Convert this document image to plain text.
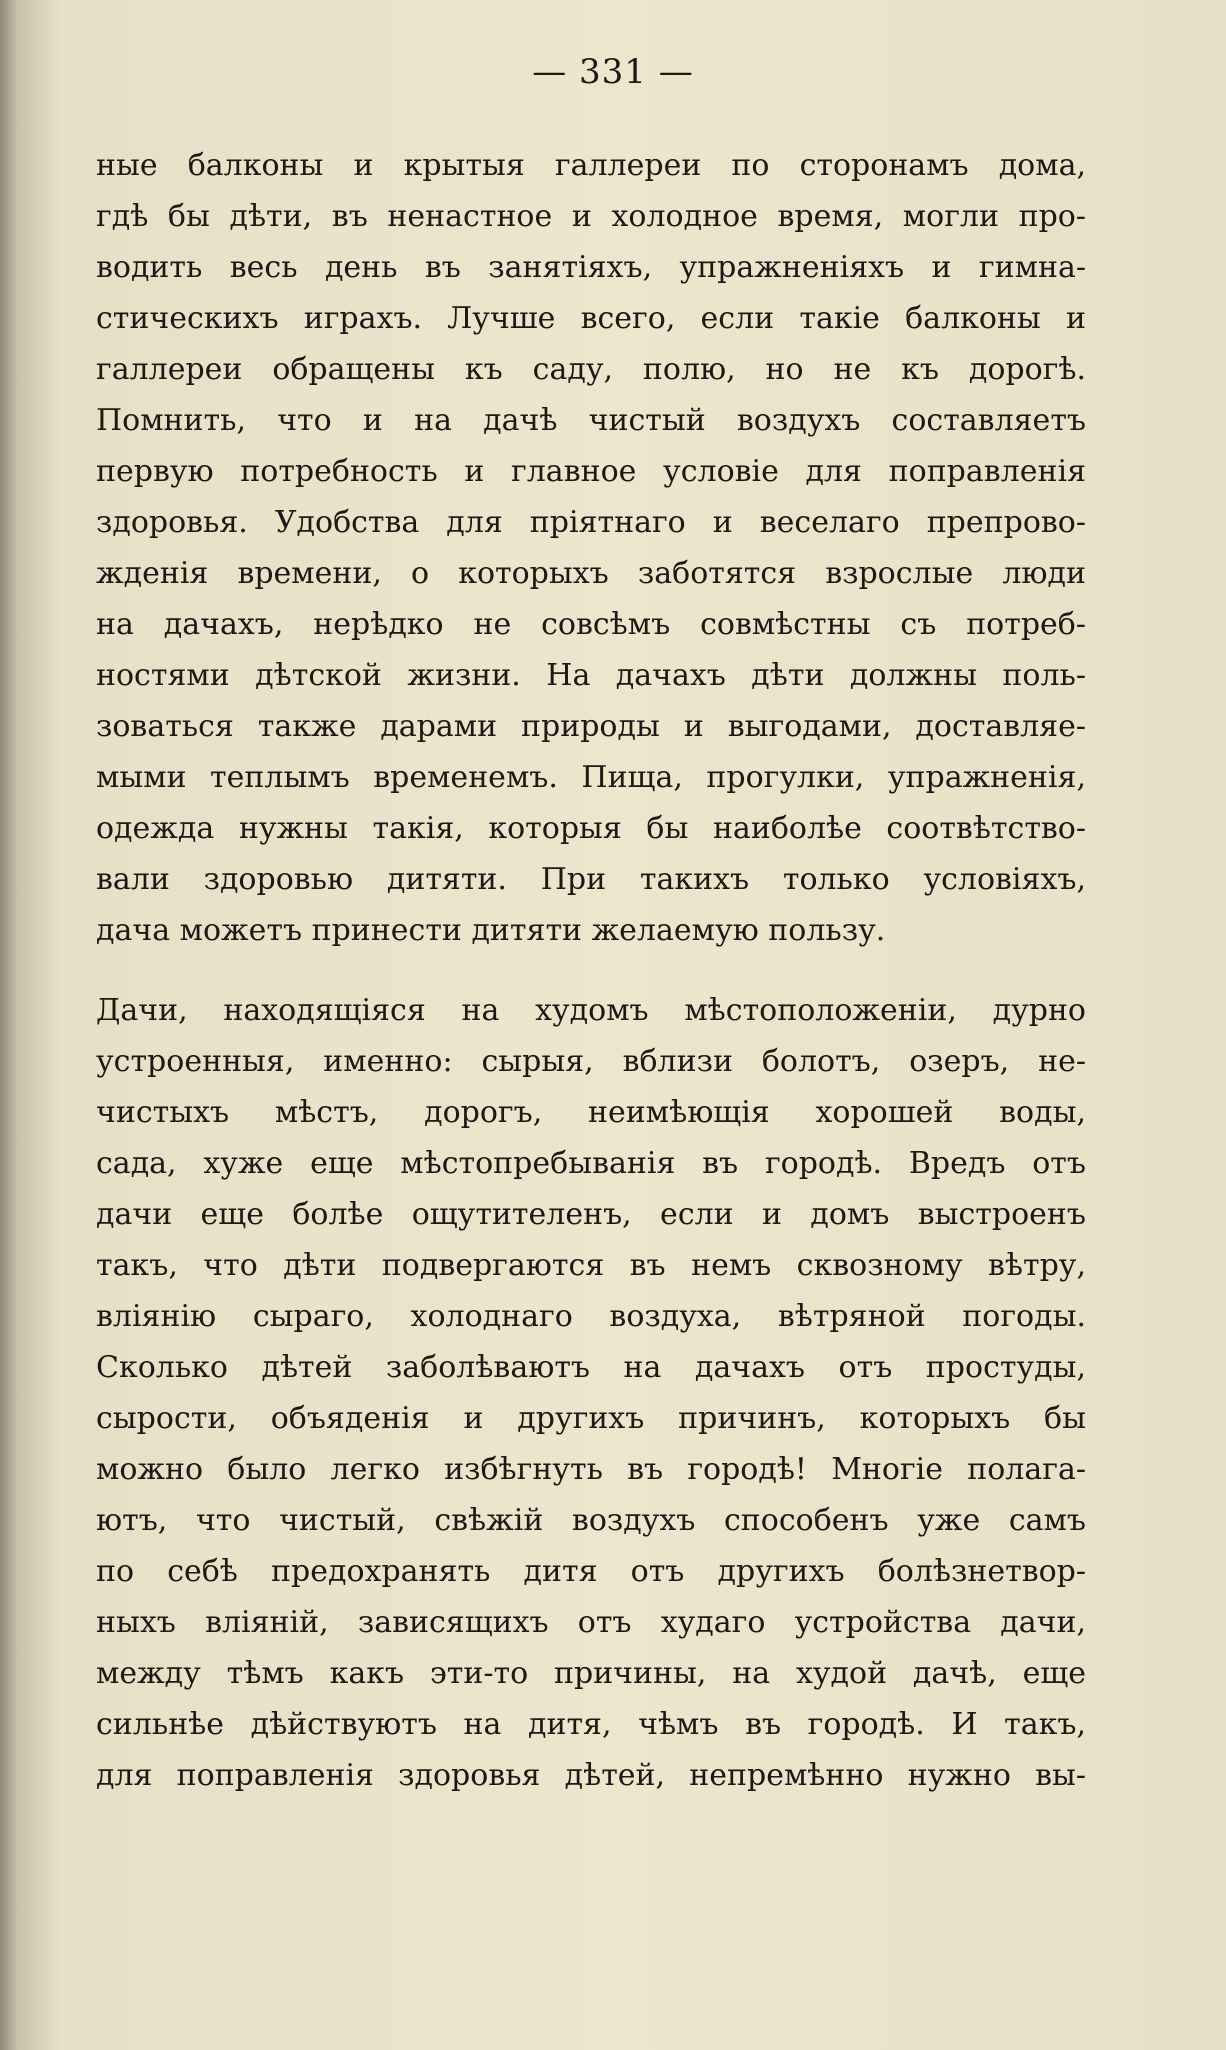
— 331 —
ные балконы и крытыя галлереи по сторонамъ дома,
гдѣ бы дѣти, въ ненастное и холодное время, могли про-
водить весь день въ занятіяхъ, упражненіяхъ и гимна-
стическихъ играхъ. Лучше всего, если такіе балконы и
галлереи обращены къ саду, полю, но не къ дорогѣ.
Помнить, что и на дачѣ чистый воздухъ составляетъ
первую потребность и главное условіе для поправленія
здоровья. Удобства для пріятнаго и веселаго препрово-
жденія времени, о которыхъ заботятся взрослые люди
на дачахъ, нерѣдко не совсѣмъ совмѣстны съ потреб-
ностями дѣтской жизни. На дачахъ дѣти должны поль-
зоваться также дарами природы и выгодами, доставляе-
мыми теплымъ временемъ. Пища, прогулки, упражненія,
одежда нужны такія, которыя бы наиболѣе соотвѣтство-
вали здоровью дитяти. При такихъ только условіяхъ,
дача можетъ принести дитяти желаемую пользу.
Дачи, находящіяся на худомъ мѣстоположеніи, дурно
устроенныя, именно: сырыя, вблизи болотъ, озеръ, не-
чистыхъ мѣстъ, дорогъ, неимѣющія хорошей воды,
сада, хуже еще мѣстопребыванія въ городѣ. Вредъ отъ
дачи еще болѣе ощутителенъ, если и домъ выстроенъ
такъ, что дѣти подвергаются въ немъ сквозному вѣтру,
вліянію сыраго, холоднаго воздуха, вѣтряной погоды.
Сколько дѣтей заболѣваютъ на дачахъ отъ простуды,
сырости, объяденія и другихъ причинъ, которыхъ бы
можно было легко избѣгнуть въ городѣ! Многіе полага-
ютъ, что чистый, свѣжій воздухъ способенъ уже самъ
по себѣ предохранять дитя отъ другихъ болѣзнетвор-
ныхъ вліяній, зависящихъ отъ худаго устройства дачи,
между тѣмъ какъ эти-то причины, на худой дачѣ, еще
сильнѣе дѣйствуютъ на дитя, чѣмъ въ городѣ. И такъ,
для поправленія здоровья дѣтей, непремѣнно нужно вы-
